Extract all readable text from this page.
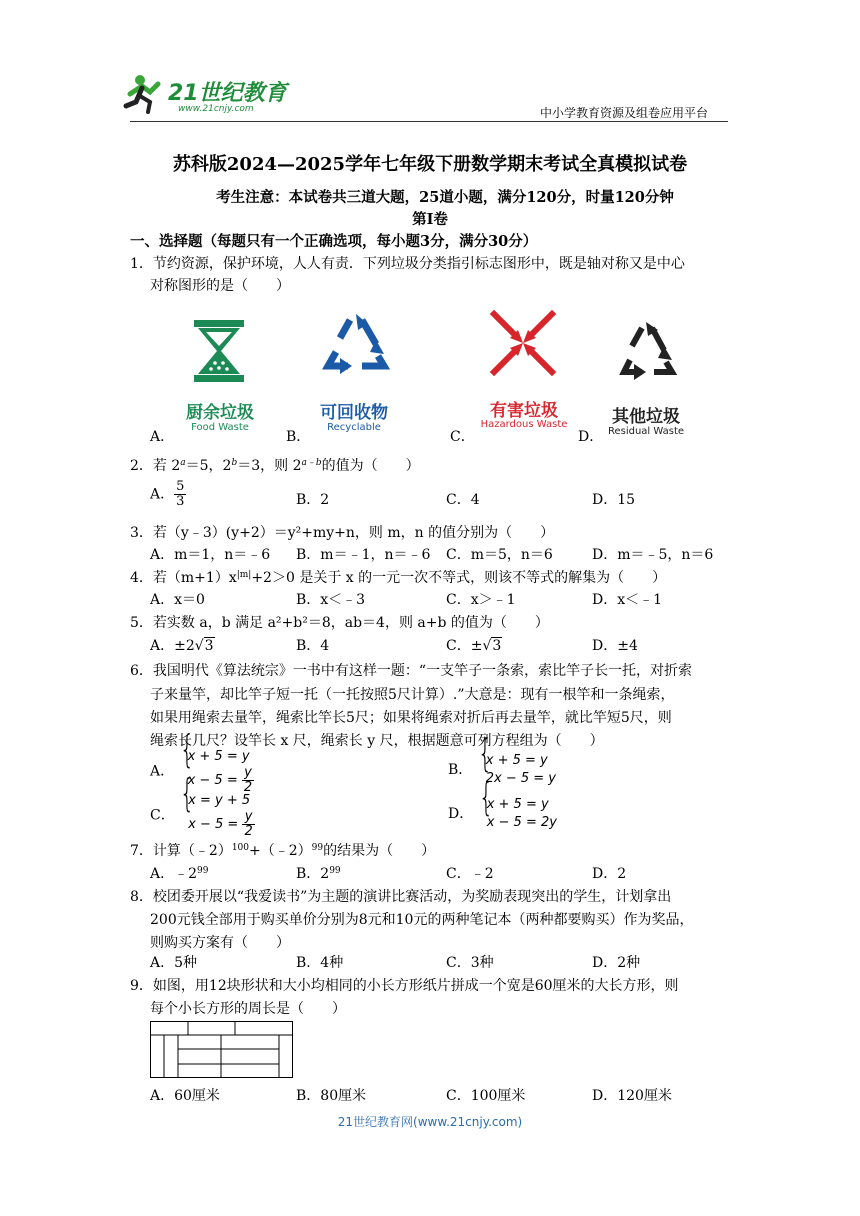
21世纪教育
www.21cnjy.com	中小学教育资源及组卷应用平台
苏科版2024—2025学年七年级下册数学期末考试全真模拟试卷
考生注意：本试卷共三道大题，25道小题，满分120分，时量120分钟
第Ⅰ卷
一、选择题（每题只有一个正确选项，每小题3分，满分30分）
1．节约资源，保护环境，人人有责．下列垃圾分类指引标志图形中，既是轴对称又是中心
对称图形的是（　　）
厨余垃圾
Food Waste
可回收物
Recyclable
有害垃圾
Hazardous Waste	其他垃圾
Residual Waste
A．	B．	C．	D．
2．若 $2^a=5$，$2^b=3$，则 $2^{a﹣b}$的值为（　　）
A． $\frac{5}{3}$	B．2	C．4	D．15
3．若（y﹣3）(y+2）＝y²+my+n，则 m，n 的值分别为（　　）
A．m＝1，n＝﹣6 B．m＝﹣1，n＝﹣6 C．m＝5，n＝6	D．m＝﹣5，n＝6
4．若$(m+1)x^{|m|}+2>0$ 是关于 x 的一元一次不等式，则该不等式的解集为（　　）
A．x＝0	B．x＜﹣3	C．x＞﹣1	D．x＜﹣1
5．若实数 a，b 满足 a²+b²＝8，ab＝4，则 a+b 的值为（　　）
A．±2√3	B．4	C．±√3	D．±4
6．我国明代《算法统宗》一书中有这样一题：“一支竿子一条索，索比竿子长一托，对折索
子来量竿，却比竿子短一托（一托按照5尺计算）.”大意是：现有一根竿和一条绳索，
如果用绳索去量竿，绳索比竿长5尺；如果将绳索对折后再去量竿，就比竿短5尺，则
绳索长几尺？设竿长 x 尺，绳索长 y 尺，根据题意可列方程组为（　　）
A．
{ x + 5 = y
$x - 5 = \frac{y}{2}$	B．
{ x + 5 = y
2x − 5 = y
C．
{ x = y + 5
$x - 5 = \frac{y}{2}$	D．
{ x + 5 = y
x − 5 = 2y
7．计算（﹣2）$^{100}$+（﹣2）$^{99}$的结果为（　　）
A．$﹣2^{99}$	B．$2^{99}$	C．﹣2	D．2
8．校团委开展以“我爱读书”为主题的演讲比赛活动，为奖励表现突出的学生，计划拿出
200元钱全部用于购买单价分别为8元和10元的两种笔记本（两种都要购买）作为奖品，
则购买方案有（　　）
A．5种	B．4种	C．3种	D．2种
9．如图，用12块形状和大小均相同的小长方形纸片拼成一个宽是60厘米的大长方形，则
每个小长方形的周长是（　　）
A．60厘米	B．80厘米	C．100厘米	D．120厘米
21世纪教育网(www.21cnjy.com)
